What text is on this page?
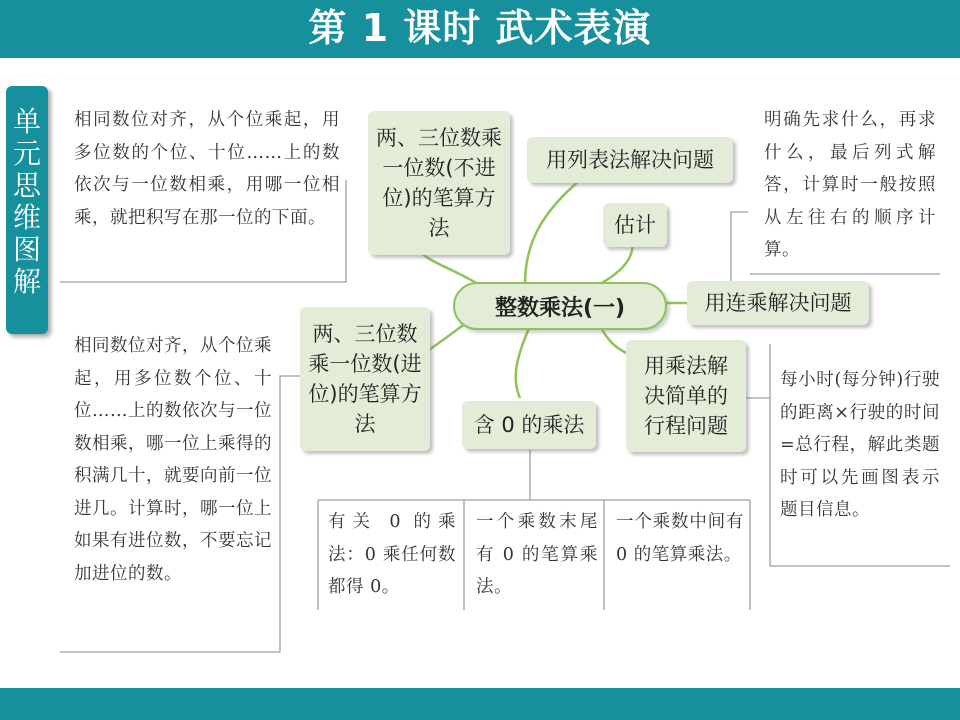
第 1 课时 武术表演
单元思维图解
两、三位数乘一位数(不进位)的笔算方法
用列表法解决问题
估计
整数乘法(一)	用连乘解决问题
用乘法解决简单的行程问题
含 0 的乘法
两、三位数乘一位数(进位)的笔算方法
相同数位对齐，从个位乘起，用多位数的个位、十位……上的数依次与一位数相乘，用哪一位相乘，就把积写在那一位的下面。
明确先求什么，再求什么，最后列式解答，计算时一般按照从左往右的顺序计算。
相同数位对齐，从个位乘起，用多位数个位、十位……上的数依次与一位数相乘，哪一位上乘得的积满几十，就要向前一位进几。计算时，哪一位上如果有进位数，不要忘记加进位的数。
每小时(每分钟)行驶的距离×行驶的时间=总行程，解此类题时可以先画图表示题目信息。
有关 0 的乘法：0 乘任何数都得 0。
一个乘数末尾有 0 的笔算乘法。
一个乘数中间有 0 的笔算乘法。
